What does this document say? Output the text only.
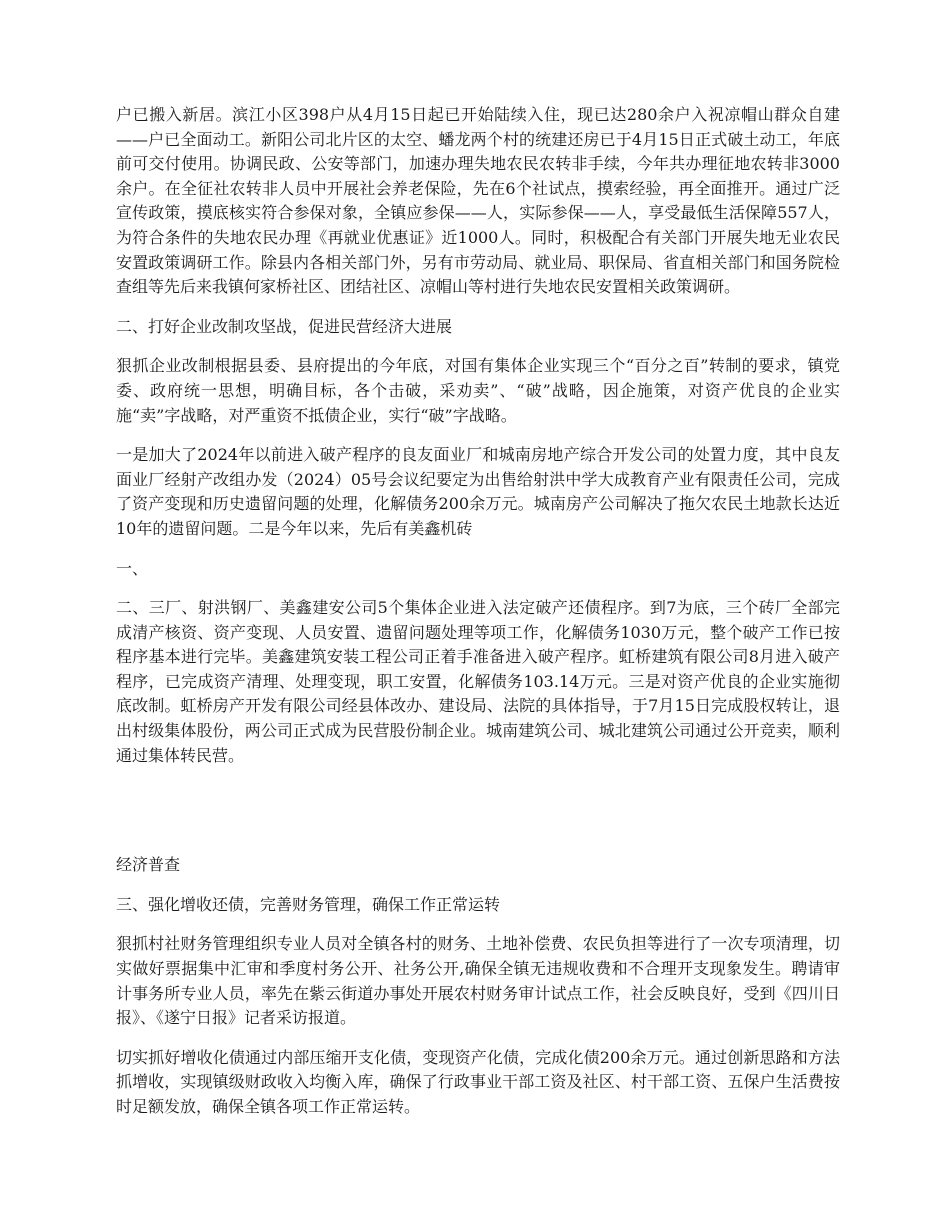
户已搬入新居。滨江小区398户从4月15日起已开始陆续入住，现已达280余户入祝凉帽山群众自建——户已全面动工。新阳公司北片区的太空、蟠龙两个村的统建还房已于4月15日正式破土动工，年底前可交付使用。协调民政、公安等部门，加速办理失地农民农转非手续，今年共办理征地农转非3000余户。在全征社农转非人员中开展社会养老保险，先在6个社试点，摸索经验，再全面推开。通过广泛宣传政策，摸底核实符合参保对象，全镇应参保——人，实际参保——人，享受最低生活保障557人，为符合条件的失地农民办理《再就业优惠证》近1000人。同时，积极配合有关部门开展失地无业农民安置政策调研工作。除县内各相关部门外，另有市劳动局、就业局、职保局、省直相关部门和国务院检查组等先后来我镇何家桥社区、团结社区、凉帽山等村进行失地农民安置相关政策调研。

二、打好企业改制攻坚战，促进民营经济大进展

狠抓企业改制根据县委、县府提出的今年底，对国有集体企业实现三个“百分之百”转制的要求，镇党委、政府统一思想，明确目标，各个击破，采劝卖”、“破”战略，因企施策，对资产优良的企业实施“卖”字战略，对严重资不抵债企业，实行“破”字战略。

一是加大了2024年以前进入破产程序的良友面业厂和城南房地产综合开发公司的处置力度，其中良友面业厂经射产改组办发（2024）05号会议纪要定为出售给射洪中学大成教育产业有限责任公司，完成了资产变现和历史遗留问题的处理，化解债务200余万元。城南房产公司解决了拖欠农民土地款长达近10年的遗留问题。二是今年以来，先后有美鑫机砖

一、

二、三厂、射洪钢厂、美鑫建安公司5个集体企业进入法定破产还债程序。到7为底，三个砖厂全部完成清产核资、资产变现、人员安置、遗留问题处理等项工作，化解债务1030万元，整个破产工作已按程序基本进行完毕。美鑫建筑安装工程公司正着手准备进入破产程序。虹桥建筑有限公司8月进入破产程序，已完成资产清理、处理变现，职工安置，化解债务103.14万元。三是对资产优良的企业实施彻底改制。虹桥房产开发有限公司经县体改办、建设局、法院的具体指导，于7月15日完成股权转让，退出村级集体股份，两公司正式成为民营股份制企业。城南建筑公司、城北建筑公司通过公开竞卖，顺利通过集体转民营。

经济普查

三、强化增收还债，完善财务管理，确保工作正常运转

狠抓村社财务管理组织专业人员对全镇各村的财务、土地补偿费、农民负担等进行了一次专项清理，切实做好票据集中汇审和季度村务公开、社务公开,确保全镇无违规收费和不合理开支现象发生。聘请审计事务所专业人员，率先在紫云街道办事处开展农村财务审计试点工作，社会反映良好，受到《四川日报》、《遂宁日报》记者采访报道。

切实抓好增收化债通过内部压缩开支化债，变现资产化债，完成化债200余万元。通过创新思路和方法抓增收，实现镇级财政收入均衡入库，确保了行政事业干部工资及社区、村干部工资、五保户生活费按时足额发放，确保全镇各项工作正常运转。
